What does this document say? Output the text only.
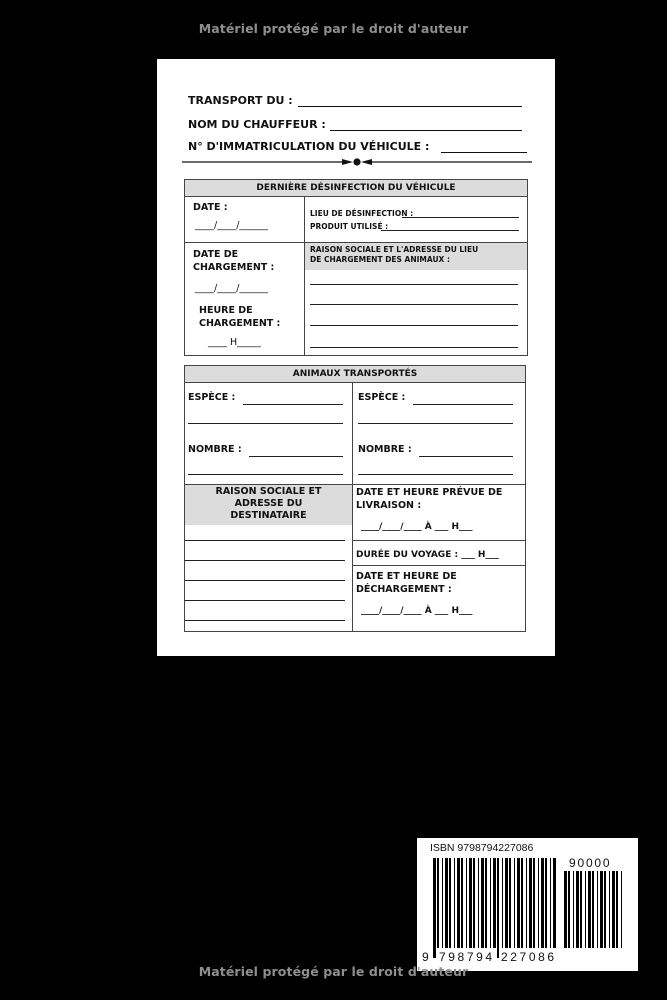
Matériel protégé par le droit d'auteur
TRANSPORT DU :
NOM DU CHAUFFEUR :
N° D'IMMATRICULATION DU VÉHICULE :
DERNIÈRE DÉSINFECTION DU VÉHICULE
DATE :
____/____/______
LIEU DE DÉSINFECTION :
PRODUIT UTILISÉ :
DATE DE
CHARGEMENT :
____/____/______
HEURE DE
CHARGEMENT :
____ H_____
RAISON SOCIALE ET L'ADRESSE DU LIEU
DE CHARGEMENT DES ANIMAUX :
ANIMAUX TRANSPORTÉS
ESPÈCE :
NOMBRE :
ESPÈCE :
NOMBRE :
RAISON SOCIALE ET
ADRESSE DU
DESTINATAIRE
DATE ET HEURE PRÉVUE DE
LIVRAISON :
____/____/____ À ___ H___
DURÉE DU VOYAGE : ___ H___
DATE ET HEURE DE
DÉCHARGEMENT :
____/____/____ À ___ H___
ISBN 9798794227086
9 798794 227086
90000
Matériel protégé par le droit d'auteur
